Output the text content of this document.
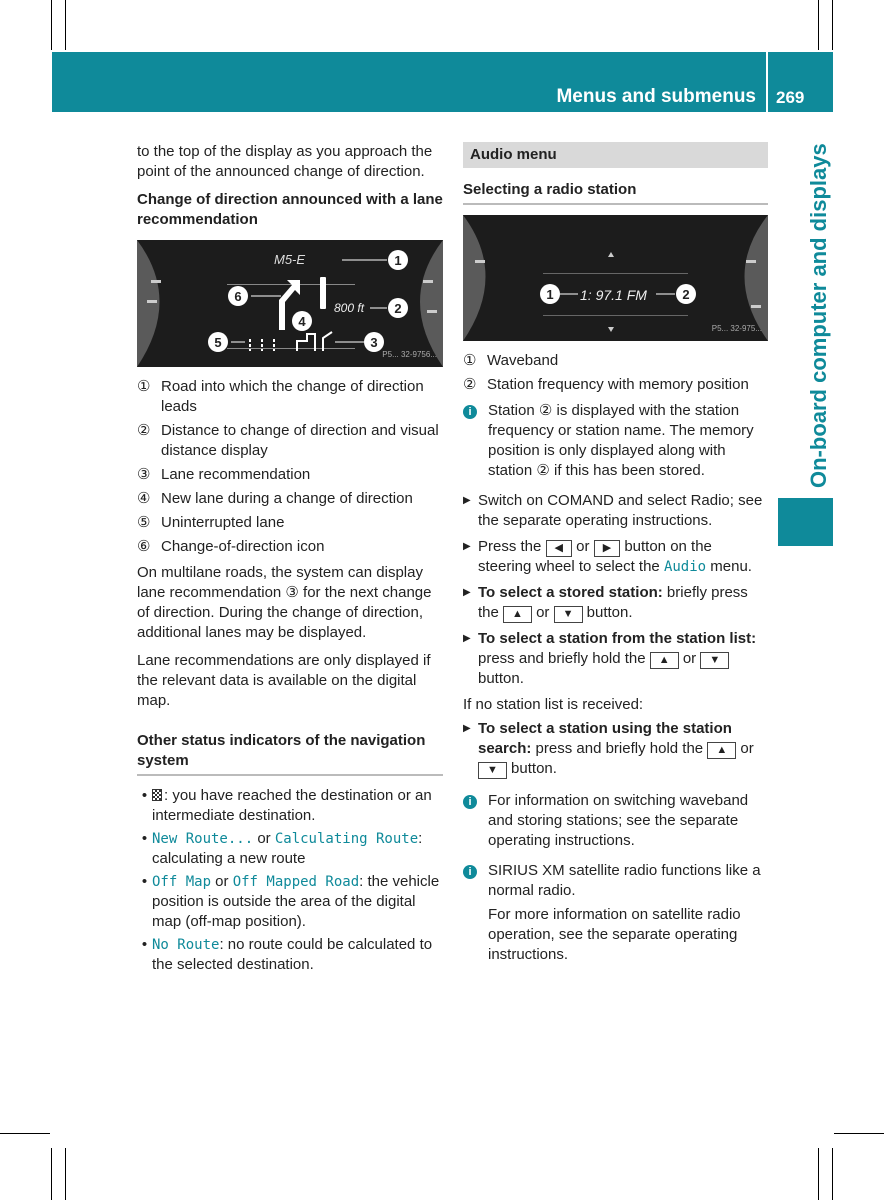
Menus and submenus 269
On-board computer and displays

to the top of the display as you approach the point of the announced change of direction.

Change of direction announced with a lane recommendation

1
2
3
4
5
6
M5-E
800 ft
P5... 32-9756...
① Road into which the change of direction leads
② Distance to change of direction and visual distance display
③ Lane recommendation
④ New lane during a change of direction
⑤ Uninterrupted lane
⑥ Change-of-direction icon

On multilane roads, the system can display lane recommendation ③ for the next change of direction. During the change of direction, additional lanes may be displayed.

Lane recommendations are only displayed if the relevant data is available on the digital map.

Other status indicators of the navigation system

•	: you have reached the destination or an intermediate destination.
• New Route... or Calculating Route: calculating a new route
• Off Map or Off Mapped Road: the vehicle position is outside the area of the digital map (off-map position).
• No Route: no route could be calculated to the selected destination.
Audio menu

Selecting a radio station

1	2
1: 97.1 FM
P5... 32-975...
① Waveband
② Station frequency with memory position
i Station ② is displayed with the station frequency or station name. The memory position is only displayed along with station ② if this has been stored.
▶ Switch on COMAND and select Radio; see the separate operating instructions.
▶ Press the ◀ or ▶ button on the steering wheel to select the Audio menu.
▶ To select a stored station: briefly press the ▲ or ▼ button.
▶ To select a station from the station list: press and briefly hold the ▲ or ▼ button.

If no station list is received:

▶ To select a station using the station search: press and briefly hold the ▲ or ▼ button.
i For information on switching waveband and storing stations; see the separate operating instructions.
i SIRIUS XM satellite radio functions like a normal radio.

For more information on satellite radio operation, see the separate operating instructions.
